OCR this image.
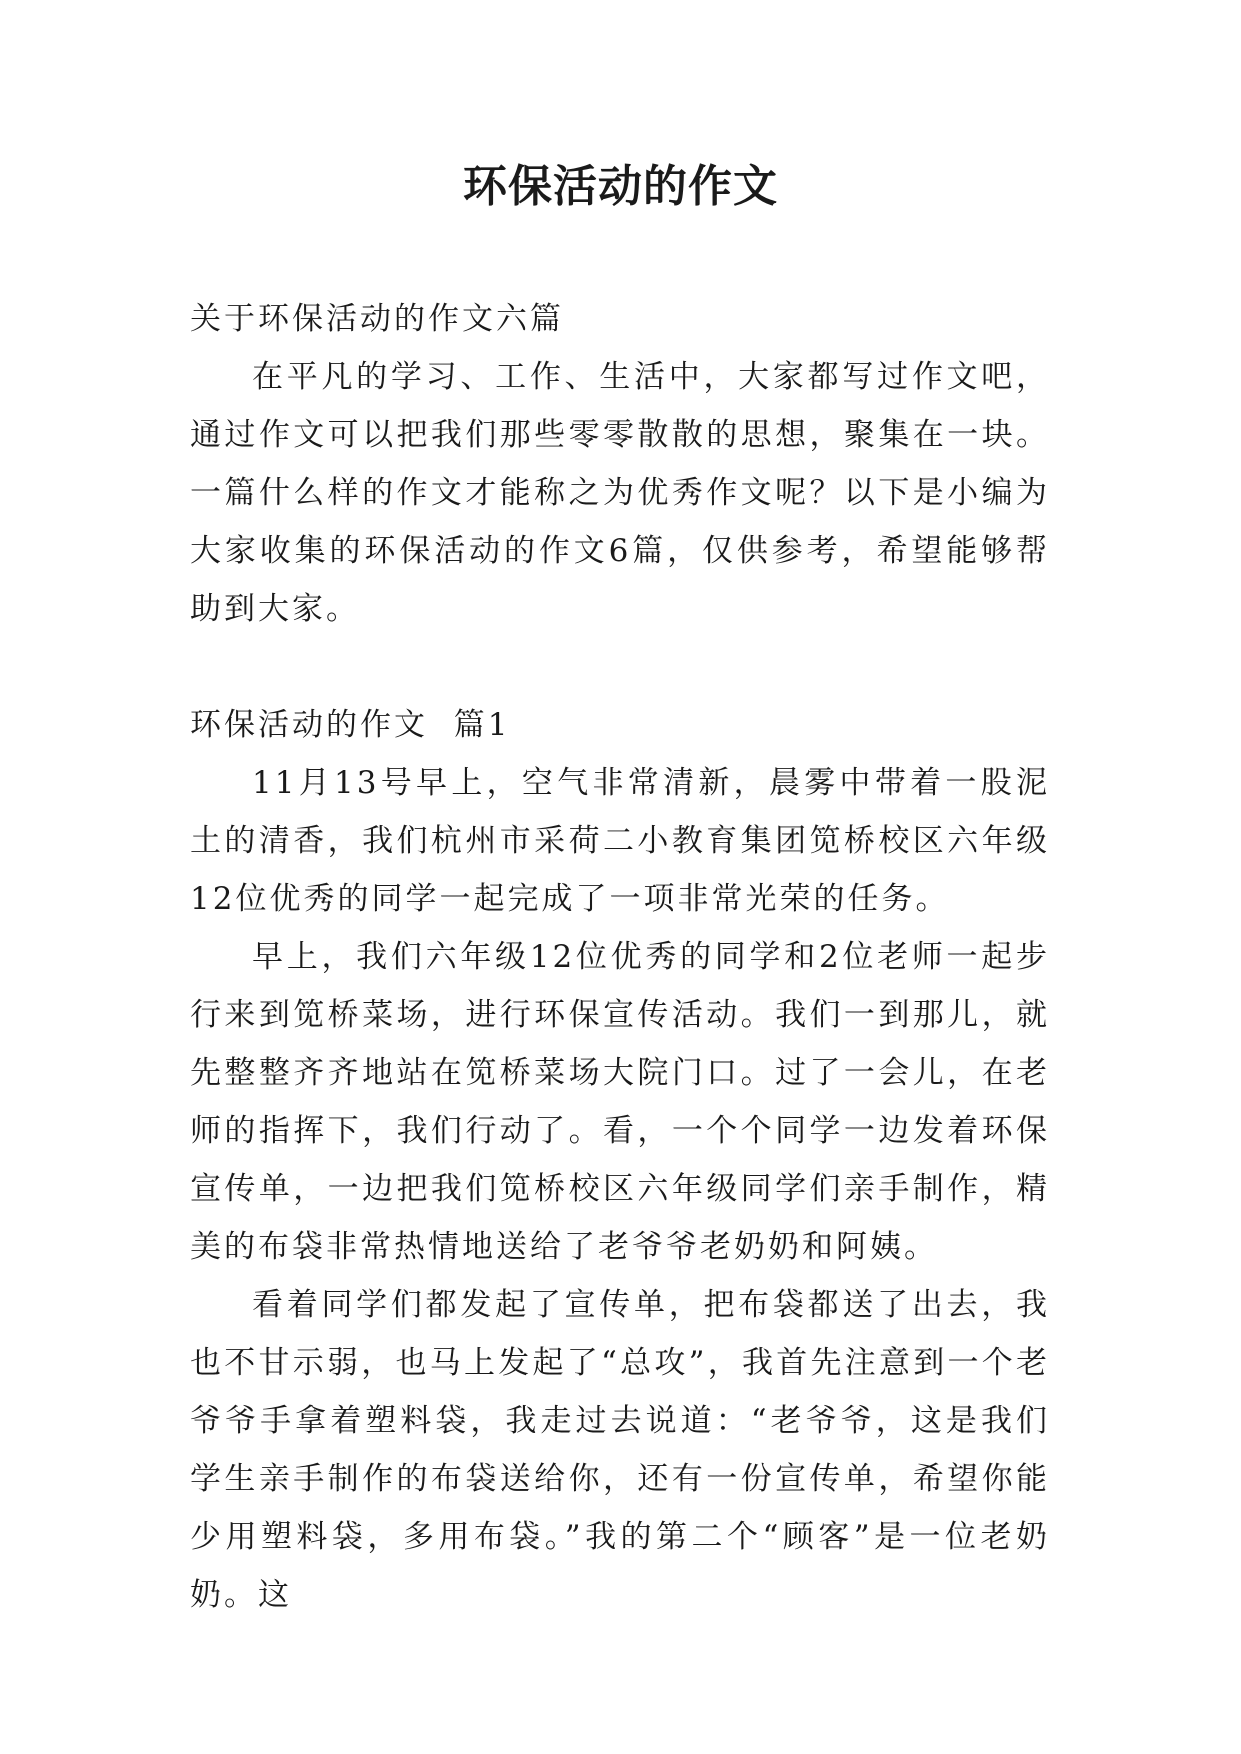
环保活动的作文

关于环保活动的作文六篇

在平凡的学习、工作、生活中，大家都写过作文吧，通过作文可以把我们那些零零散散的思想，聚集在一块。一篇什么样的作文才能称之为优秀作文呢？以下是小编为大家收集的环保活动的作文6篇，仅供参考，希望能够帮助到大家。

环保活动的作文  篇1

11月13号早上，空气非常清新，晨雾中带着一股泥土的清香，我们杭州市采荷二小教育集团笕桥校区六年级12位优秀的同学一起完成了一项非常光荣的任务。

早上，我们六年级12位优秀的同学和2位老师一起步行来到笕桥菜场，进行环保宣传活动。我们一到那儿，就先整整齐齐地站在笕桥菜场大院门口。过了一会儿，在老师的指挥下，我们行动了。看，一个个同学一边发着环保宣传单，一边把我们笕桥校区六年级同学们亲手制作，精美的布袋非常热情地送给了老爷爷老奶奶和阿姨。

看着同学们都发起了宣传单，把布袋都送了出去，我也不甘示弱，也马上发起了“总攻”，我首先注意到一个老爷爷手拿着塑料袋，我走过去说道：“老爷爷，这是我们学生亲手制作的布袋送给你，还有一份宣传单，希望你能少用塑料袋，多用布袋。”我的第二个“顾客”是一位老奶奶。这
